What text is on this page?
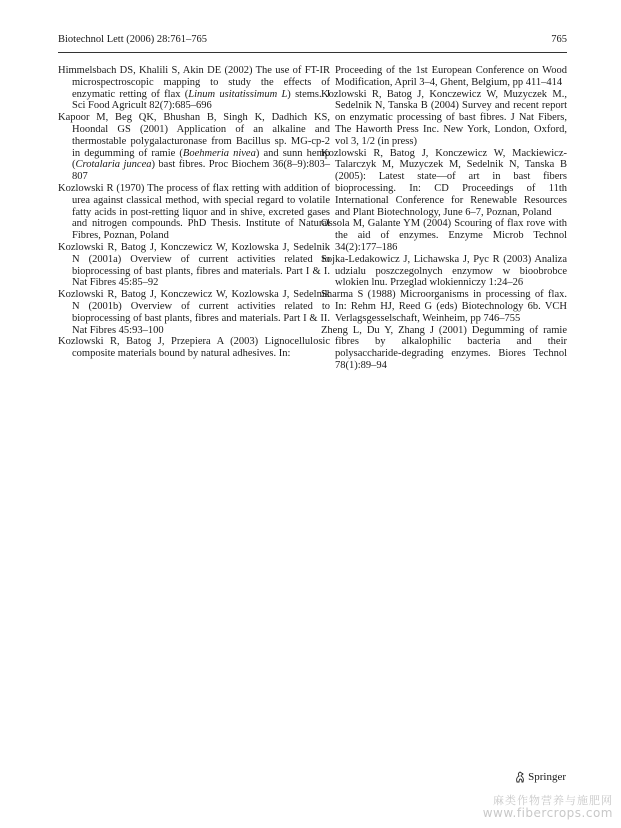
Biotechnol Lett (2006) 28:761–765	765
Himmelsbach DS, Khalili S, Akin DE (2002) The use of FT-IR microspectroscopic mapping to study the effects of enzymatic retting of flax (Linum usitatissimum L) stems. J Sci Food Agricult 82(7):685–696
Kapoor M, Beg QK, Bhushan B, Singh K, Dadhich KS, Hoondal GS (2001) Application of an alkaline and thermostable polygalacturonase from Bacillus sp. MG-cp-2 in degumming of ramie (Boehmeria nivea) and sunn hemp (Crotalaria juncea) bast fibres. Proc Biochem 36(8–9):803–807
Kozlowski R (1970) The process of flax retting with addition of urea against classical method, with special regard to volatile fatty acids in post-retting liquor and in shive, excreted gases and nitrogen compounds. PhD Thesis. Institute of Natural Fibres, Poznan, Poland
Kozlowski R, Batog J, Konczewicz W, Kozlowska J, Sedelnik N (2001a) Overview of current activities related to bioprocessing of bast plants, fibres and materials. Part I & I. Nat Fibres 45:85–92
Kozlowski R, Batog J, Konczewicz W, Kozlowska J, Sedelnik N (2001b) Overview of current activities related to bioprocessing of bast plants, fibres and materials. Part I & II. Nat Fibres 45:93–100
Kozlowski R, Batog J, Przepiera A (2003) Lignocellulosic composite materials bound by natural adhesives. In:
Proceeding of the 1st European Conference on Wood Modification, April 3–4, Ghent, Belgium, pp 411–414
Kozlowski R, Batog J, Konczewicz W, Muzyczek M., Sedelnik N, Tanska B (2004) Survey and recent report on enzymatic processing of bast fibres. J Nat Fibers, The Haworth Press Inc. New York, London, Oxford, vol 3, 1/2 (in press)
Kozlowski R, Batog J, Konczewicz W, Mackiewicz-Talarczyk M, Muzyczek M, Sedelnik N, Tanska B (2005): Latest state—of art in bast fibers bioprocessing. In: CD Proceedings of 11th International Conference for Renewable Resources and Plant Biotechnology, June 6–7, Poznan, Poland
Ossola M, Galante YM (2004) Scouring of flax rove with the aid of enzymes. Enzyme Microb Technol 34(2):177–186
Sojka-Ledakowicz J, Lichawska J, Pyc R (2003) Analiza udzialu poszczegolnych enzymow w bioobrobce wlokien lnu. Przeglad wlokienniczy 1:24–26
Sharma S (1988) Microorganisms in processing of flax. In: Rehm HJ, Reed G (eds) Biotechnology 6b. VCH Verlagsgesselschaft, Weinheim, pp 746–755
Zheng L, Du Y, Zhang J (2001) Degumming of ramie fibres by alkalophilic bacteria and their polysaccharide-degrading enzymes. Biores Technol 78(1):89–94
Springer
麻类作物营养与施肥网
www.fibercrops.com
